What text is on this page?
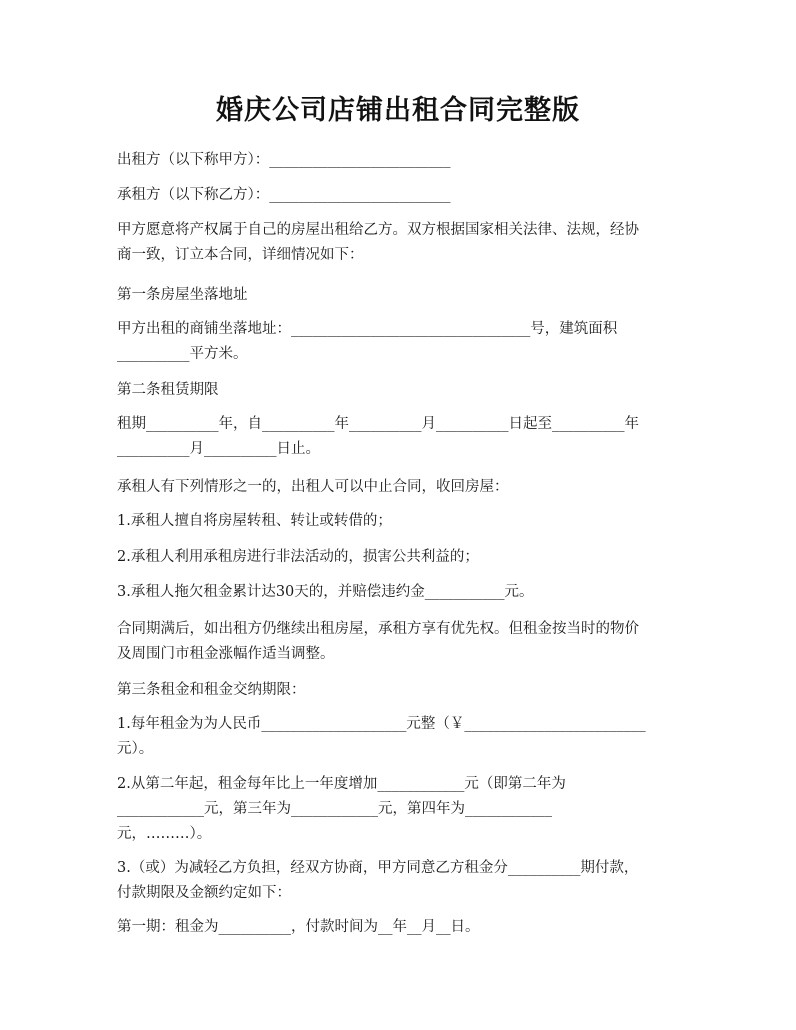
婚庆公司店铺出租合同完整版
出租方（以下称甲方）：_________________________
承租方（以下称乙方）：_________________________
甲方愿意将产权属于自己的房屋出租给乙方。双方根据国家相关法律、法规，经协
商一致，订立本合同，详细情况如下：
第一条房屋坐落地址
甲方出租的商铺坐落地址：_________________________________号，建筑面积
__________平方米。
第二条租赁期限
租期__________年，自__________年__________月__________日起至__________年
__________月__________日止。
承租人有下列情形之一的，出租人可以中止合同，收回房屋：
1.承租人擅自将房屋转租、转让或转借的；
2.承租人利用承租房进行非法活动的，损害公共利益的；
3.承租人拖欠租金累计达30天的，并赔偿违约金___________元。
合同期满后，如出租方仍继续出租房屋，承租方享有优先权。但租金按当时的物价
及周围门市租金涨幅作适当调整。
第三条租金和租金交纳期限：
1.每年租金为为人民币____________________元整（￥_________________________
元）。
2.从第二年起，租金每年比上一年度增加____________元（即第二年为
____________元，第三年为____________元，第四年为____________
元，………）。
3.（或）为减轻乙方负担，经双方协商，甲方同意乙方租金分__________期付款，
付款期限及金额约定如下：
第一期：租金为__________，付款时间为__年__月__日。
